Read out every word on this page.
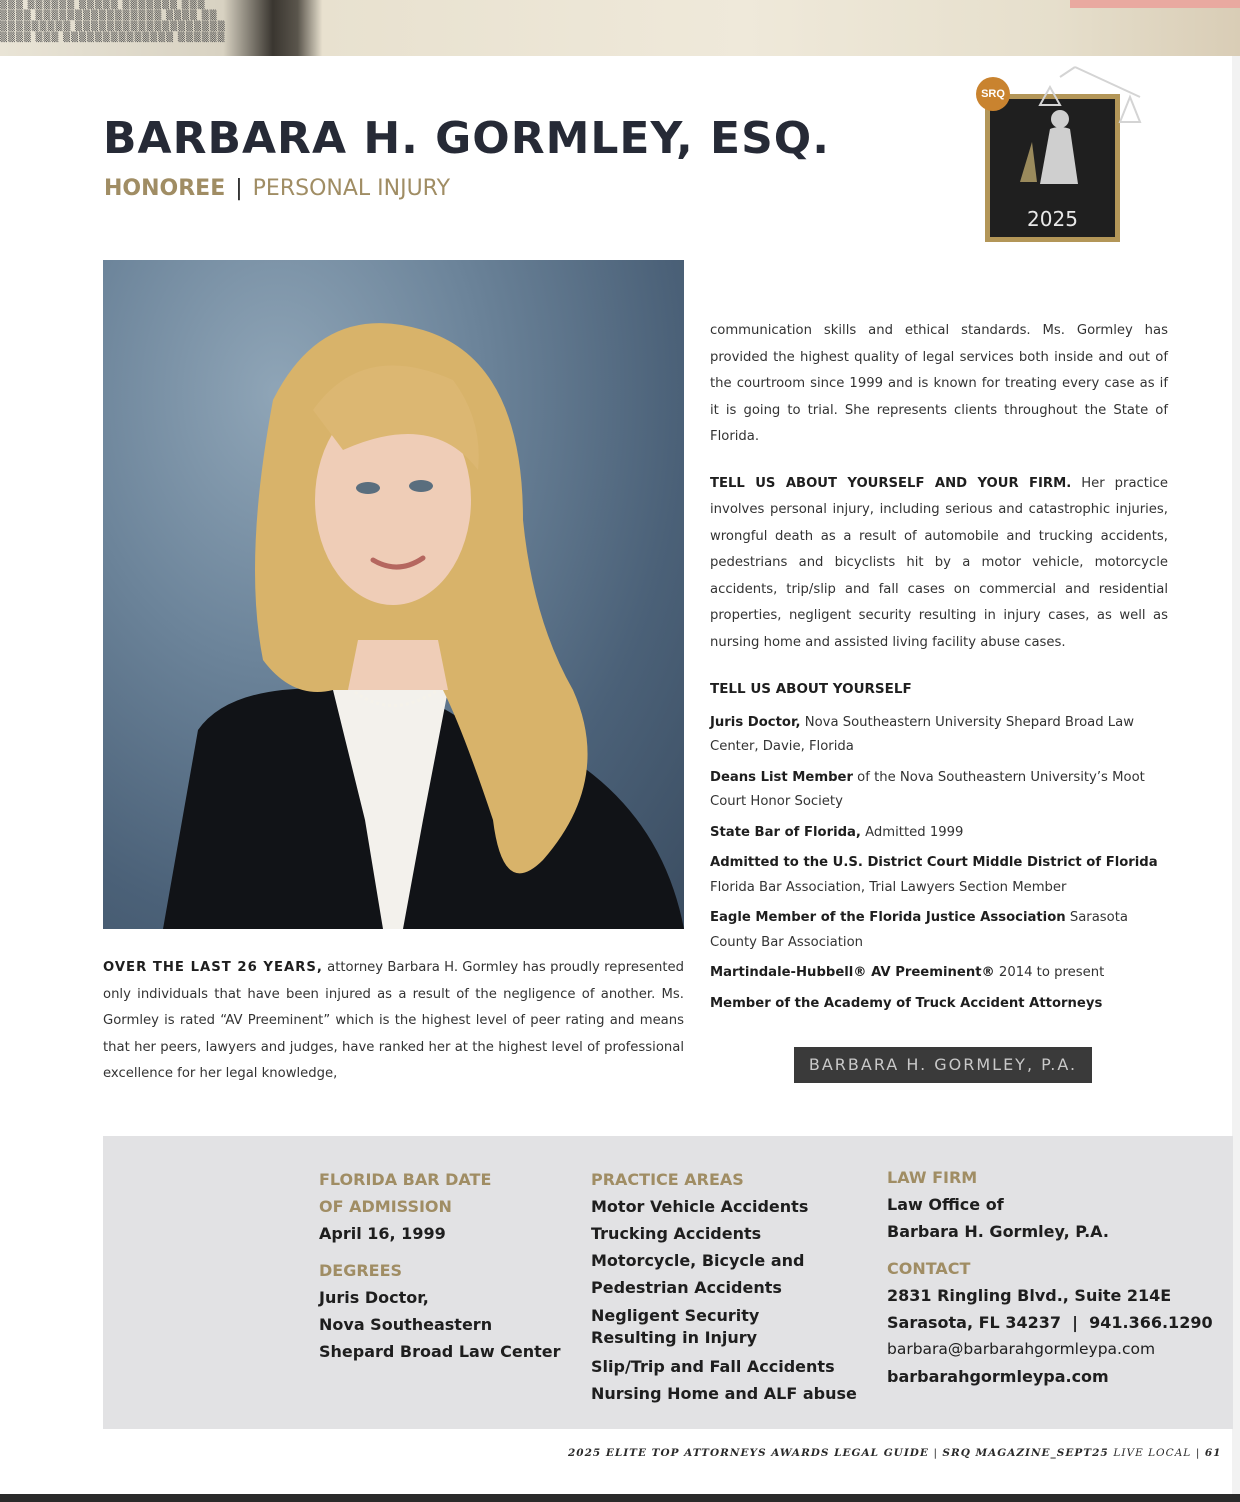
▒▒▒ ▒▒▒▒▒▒ ▒▒▒▒▒ ▒▒▒▒▒▒▒ ▒▒▒
▒▒▒▒ ▒▒▒▒▒▒▒▒▒▒▒▒▒▒▒▒ ▒▒▒▒ ▒▒
▒▒▒▒▒▒▒▒▒ ▒▒▒▒▒▒▒▒▒▒▒▒▒▒▒▒▒▒▒
▒▒▒▒ ▒▒▒ ▒▒▒▒▒▒▒▒▒▒▒▒▒▒ ▒▒▒▒▒▒
BARBARA H. GORMLEY, ESQ.
HONOREE | PERSONAL INJURY
SRQ
2025

communication skills and ethical standards. Ms. Gormley has provided the highest quality of legal services both inside and out of the courtroom since 1999 and is known for treating every case as if it is going to trial. She represents clients throughout the State of Florida.

TELL US ABOUT YOURSELF AND YOUR FIRM. Her practice involves personal injury, including serious and catastrophic injuries, wrongful death as a result of automobile and trucking accidents, pedestrians and bicyclists hit by a motor vehicle, motorcycle accidents, trip/slip and fall cases on commercial and residential properties, negligent security resulting in injury cases, as well as nursing home and assisted living facility abuse cases.

TELL US ABOUT YOURSELF

Juris Doctor, Nova Southeastern University Shepard Broad Law Center, Davie, Florida

Deans List Member of the Nova Southeastern University’s Moot Court Honor Society

State Bar of Florida, Admitted 1999

Admitted to the U.S. District Court Middle District of Florida Florida Bar Association, Trial Lawyers Section Member

Eagle Member of the Florida Justice Association Sarasota County Bar Association

Martindale-Hubbell® AV Preeminent® 2014 to present

Member of the Academy of Truck Accident Attorneys

OVER THE LAST 26 YEARS, attorney Barbara H. Gormley has proudly represented only individuals that have been injured as a result of the negligence of another. Ms. Gormley is rated “AV Preeminent” which is the highest level of peer rating and means that her peers, lawyers and judges, have ranked her at the highest level of professional excellence for her legal knowledge,	BARBARA H. GORMLEY, P.A.
FLORIDA BAR DATE
OF ADMISSION
April 16, 1999
DEGREES
Juris Doctor,
Nova Southeastern
Shepard Broad Law Center
PRACTICE AREAS
Motor Vehicle Accidents
Trucking Accidents
Motorcycle, Bicycle and
Pedestrian Accidents
Negligent Security
Resulting in Injury
Slip/Trip and Fall Accidents
Nursing Home and ALF abuse
LAW FIRM
Law Office of
Barbara H. Gormley, P.A.
CONTACT
2831 Ringling Blvd., Suite 214E
Sarasota, FL 34237  |  941.366.1290
barbara@barbarahgormleypa.com
barbarahgormleypa.com
2025 ELITE TOP ATTORNEYS AWARDS LEGAL GUIDE | SRQ MAGAZINE_SEPT25 LIVE LOCAL | 61
